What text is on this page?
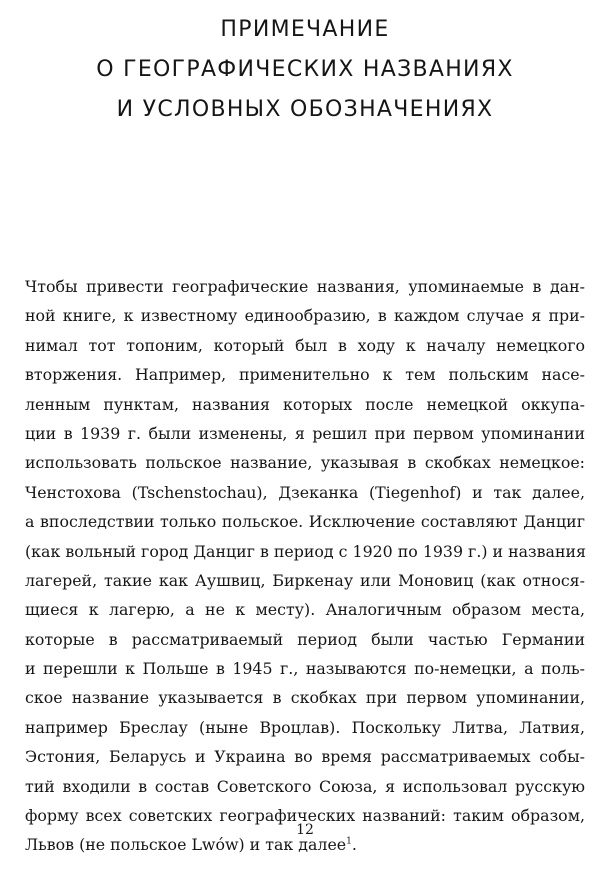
ПРИМЕЧАНИЕ
О ГЕОГРАФИЧЕСКИХ НАЗВАНИЯХ
И УСЛОВНЫХ ОБОЗНАЧЕНИЯХ
Чтобы привести географические названия, упоминаемые в дан-
ной книге, к известному единообразию, в каждом случае я при-
нимал тот топоним, который был в ходу к началу немецкого
вторжения. Например, применительно к тем польским насе-
ленным пунктам, названия которых после немецкой оккупа-
ции в 1939 г. были изменены, я решил при первом упоминании
использовать польское название, указывая в скобках немецкое:
Ченстохова (Tschenstochau), Дзеканка (Tiegenhof) и так далее,
а впоследствии только польское. Исключение составляют Данциг
(как вольный город Данциг в период с 1920 по 1939 г.) и названия
лагерей, такие как Аушвиц, Биркенау или Моновиц (как относя-
щиеся к лагерю, а не к месту). Аналогичным образом места,
которые в рассматриваемый период были частью Германии
и перешли к Польше в 1945 г., называются по-немецки, а поль-
ское название указывается в скобках при первом упоминании,
например Бреслау (ныне Вроцлав). Поскольку Литва, Латвия,
Эстония, Беларусь и Украина во время рассматриваемых собы-
тий входили в состав Советского Союза, я использовал русскую
форму всех советских географических названий: таким образом,
Львов (не польское Lwów) и так далее$^1$.
12
